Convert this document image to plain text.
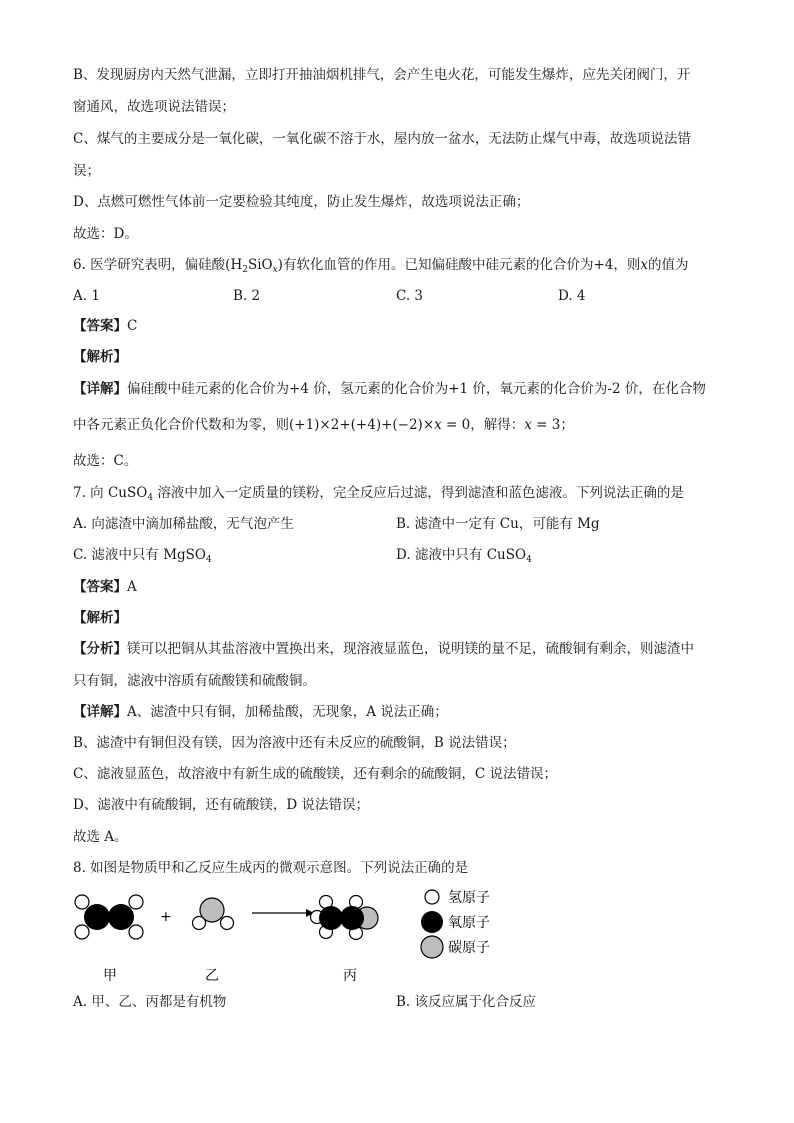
B、发现厨房内天然气泄漏，立即打开抽油烟机排气，会产生电火花，可能发生爆炸，应先关闭阀门，开
窗通风，故选项说法错误；
C、煤气的主要成分是一氧化碳，一氧化碳不溶于水，屋内放一盆水，无法防止煤气中毒，故选项说法错
误；
D、点燃可燃性气体前一定要检验其纯度，防止发生爆炸，故选项说法正确；
故选：D。
6. 医学研究表明，偏硅酸$(H_2SiO_x)$有软化血管的作用。已知偏硅酸中硅元素的化合价为+4，则x的值为
A. 1	B. 2	C. 3	D. 4
【答案】C
【解析】
【详解】偏硅酸中硅元素的化合价为+4 价，氢元素的化合价为+1 价，氧元素的化合价为-2 价，在化合物
中各元素正负化合价代数和为零，则(+1)×2+(+4)+(−2)×x = 0，解得：x = 3；
故选：C。
7. 向 CuSO$_4$ 溶液中加入一定质量的镁粉，完全反应后过滤，得到滤渣和蓝色滤液。下列说法正确的是
A. 向滤渣中滴加稀盐酸，无气泡产生	B. 滤渣中一定有 Cu，可能有 Mg
C. 滤液中只有 MgSO$_4$	D. 滤液中只有 CuSO$_4$
【答案】A
【解析】
【分析】镁可以把铜从其盐溶液中置换出来，现溶液显蓝色，说明镁的量不足，硫酸铜有剩余，则滤渣中
只有铜，滤液中溶质有硫酸镁和硫酸铜。
【详解】A、滤渣中只有铜，加稀盐酸，无现象，A 说法正确；
B、滤渣中有铜但没有镁，因为溶液中还有未反应的硫酸铜，B 说法错误；
C、滤液显蓝色，故溶液中有新生成的硫酸镁，还有剩余的硫酸铜，C 说法错误；
D、滤液中有硫酸铜，还有硫酸镁，D 说法错误；
故选 A。
8. 如图是物质甲和乙反应生成丙的微观示意图。下列说法正确的是
+
氢原子
氧原子
碳原子
甲	乙	丙
A. 甲、乙、丙都是有机物	B. 该反应属于化合反应
